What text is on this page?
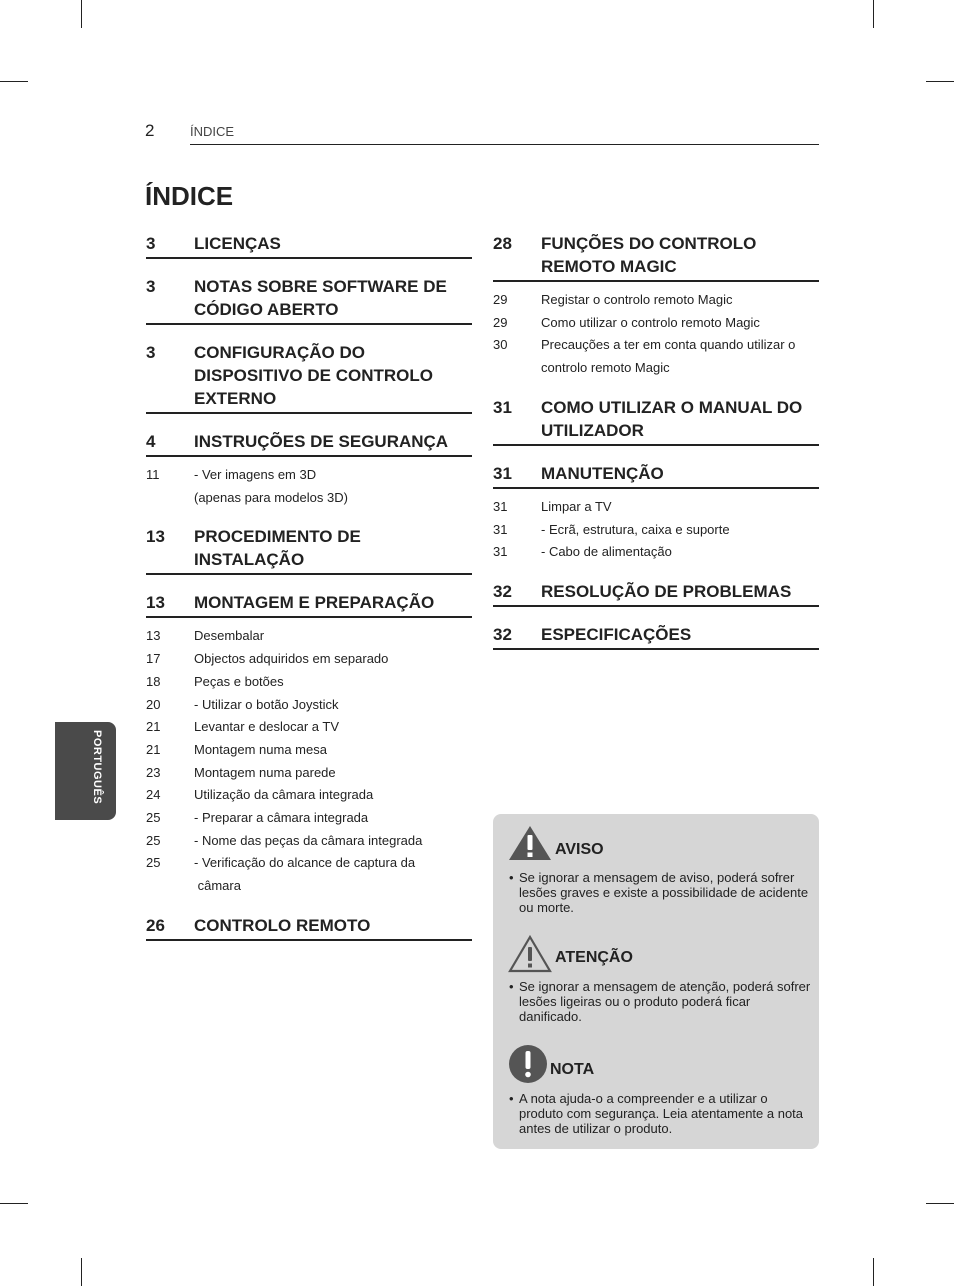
2	ÍNDICE
ÍNDICE
3	LICENÇAS
3	NOTAS SOBRE SOFTWARE DE CÓDIGO ABERTO
3	CONFIGURAÇÃO DO DISPOSITIVO DE CONTROLO EXTERNO
4	INSTRUÇÕES DE SEGURANÇA
11	- Ver imagens em 3D
(apenas para modelos 3D)
13	PROCEDIMENTO DE INSTALAÇÃO
13	MONTAGEM E PREPARAÇÃO
13	Desembalar
17	Objectos adquiridos em separado
18	Peças e botões
20	- Utilizar o botão Joystick
21	Levantar e deslocar a TV
21	Montagem numa mesa
23	Montagem numa parede
24	Utilização da câmara integrada
25	- Preparar a câmara integrada
25	- Nome das peças da câmara integrada
25	- Verificação do alcance de captura da
câmara
26	CONTROLO REMOTO
28	FUNÇÕES DO CONTROLO REMOTO MAGIC
29	Registar o controlo remoto Magic
29	Como utilizar o controlo remoto Magic
30	Precauções a ter em conta quando utilizar o
controlo remoto Magic
31	COMO UTILIZAR O MANUAL DO UTILIZADOR
31	MANUTENÇÃO
31	Limpar a TV
31	- Ecrã, estrutura, caixa e suporte
31	- Cabo de alimentação
32	RESOLUÇÃO DE PROBLEMAS
32	ESPECIFICAÇÕES
PORTUGUÊS
AVISO
• Se ignorar a mensagem de aviso, poderá sofrer lesões graves e existe a possibilidade de acidente ou morte.
ATENÇÃO
• Se ignorar a mensagem de atenção, poderá sofrer lesões ligeiras ou o produto poderá ficar danificado.
NOTA
• A nota ajuda-o a compreender e a utilizar o produto com segurança. Leia atentamente a nota antes de utilizar o produto.
